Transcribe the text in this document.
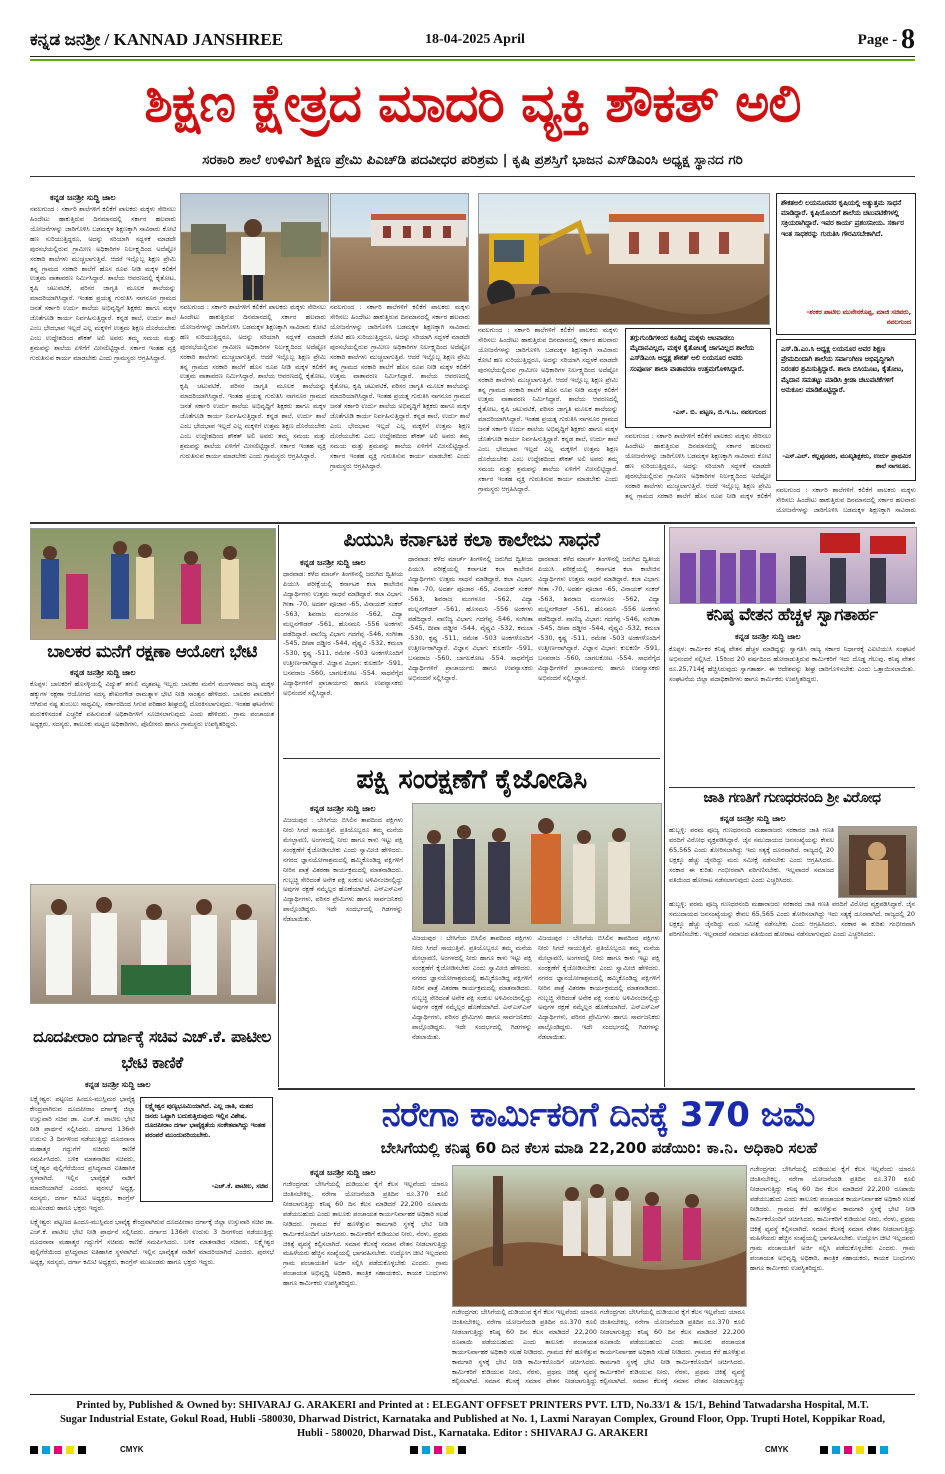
ಕನ್ನಡ ಜನಶ್ರೀ / KANNAD JANSHREE	18-04-2025 April	Page - 8
ಶಿಕ್ಷಣ ಕ್ಷೇತ್ರದ ಮಾದರಿ ವ್ಯಕ್ತಿ ಶೌಕತ್ ಅಲಿ
ಸರಕಾರಿ ಶಾಲೆ ಉಳಿವಿಗೆ ಶಿಕ್ಷಣ ಪ್ರೇಮಿ ಪಿಎಚ್‌ಡಿ ಪದವೀಧರ ಪರಿಶ್ರಮ | ಕೃಷಿ ಪ್ರಶಸ್ತಿಗೆ ಭಾಜನ ಎಸ್‌ಡಿಎಂಸಿ ಅಧ್ಯಕ್ಷ ಸ್ಥಾನದ ಗರಿ
ಕನ್ನಡ ಜನಶ್ರೀ ಸುದ್ದಿ ಜಾಲ
ನವಲಗುಂದ : ಸರ್ಕಾರಿ ಶಾಲೆಗಳಿಗೆ ಕಲಿಕೆಗೆ ಪಾಲಕರು ಮಕ್ಕಳು ಸೇರಿಸಲು ಹಿಂದೇಟು ಹಾಕುತ್ತಿರುವ ದಿನಮಾನದಲ್ಲಿ ಸರ್ಕಾರ ಹಲವಾರು ಯೋಜನೆಗಳನ್ನು ಜಾರಿಗೊಳಿಸಿ ಬಡಮಕ್ಕಳ ಶಿಕ್ಷಣಕ್ಕಾಗಿ ಸಾವಿರಾರು ಕೋಟಿ ಹಣ ಸುರಿಯುತ್ತಿದ್ದರೂ, ಅದನ್ನು ಸರಿಯಾಗಿ ಸದ್ಬಳಕೆ ಮಾಡದೇ ಪುರಸಭೆಯಲ್ಲಿರುವ ಗ್ರಾಮೀಣ ಅಧಿಕಾರಿಗಳ ನಿರ್ಲಕ್ಷ್ಯದಿಂದ ಅದೆಷ್ಟೋ ಸರಕಾರಿ ಶಾಲೆಗಳು ಮುಚ್ಚಲಾಗುತ್ತಿವೆ. ಆದರೆ ಇಲ್ಲೊಬ್ಬ ಶಿಕ್ಷಣ ಪ್ರೇಮಿ ತನ್ನ ಗ್ರಾಮದ ಸರಕಾರಿ ಶಾಲೆಗೆ ಹೊಸ ರೂಪ ನೀಡಿ ಮಕ್ಕಳ ಕಲಿಕೆಗೆ ಉತ್ತಮ ವಾತಾವರಣ ನಿರ್ಮಿಸಿದ್ದಾರೆ. ಶಾಲೆಯ ಆವರಣದಲ್ಲಿ ಕೈತೋಟ, ಕೃಷಿ ಚಟುವಟಿಕೆ, ಪರಿಸರ ಜಾಗೃತಿ ಮೂಲಕ ಶಾಲೆಯನ್ನು ಮಾದರಿಯಾಗಿಸಿದ್ದಾರೆ. ಇಂತಹ ಪ್ರಯತ್ನ ಗುರುತಿಸಿ ನಾಗನೂರ ಗ್ರಾಮದ ಜನತೆ ಸರ್ಕಾರಿ ಉರ್ದು ಶಾಲೆಯ ಅಭಿವೃದ್ಧಿಗೆ ಶಿಕ್ಷಕರು ಹಾಗೂ ಮಕ್ಕಳ ಜೊತೆಗೂಡಿ ಕಾರ್ಯ ನಿರ್ವಹಿಸುತ್ತಿದ್ದಾರೆ. ಕನ್ನಡ ಶಾಲೆ, ಉರ್ದು ಶಾಲೆ ಎಂಬ ಭೇದಭಾವ ಇಲ್ಲದೆ ಎಲ್ಲ ಮಕ್ಕಳಿಗೆ ಉತ್ತಮ ಶಿಕ್ಷಣ ದೊರೆಯಬೇಕು ಎಂಬ ಉದ್ದೇಶದಿಂದ ಶೌಕತ್ ಅಲಿ ಅವರು ತಮ್ಮ ಸಮಯ ಮತ್ತು ಶ್ರಮವನ್ನು ಶಾಲೆಯ ಏಳಿಗೆಗೆ ಮೀಸಲಿಟ್ಟಿದ್ದಾರೆ. ಸರ್ಕಾರ ಇಂತಹ ವ್ಯಕ್ತಿ ಗುರುತಿಸುವ ಕಾರ್ಯ ಮಾಡಬೇಕು ಎಂದು ಗ್ರಾಮಸ್ಥರು ಆಗ್ರಹಿಸಿದ್ದಾರೆ.
ನವಲಗುಂದ : ಸರ್ಕಾರಿ ಶಾಲೆಗಳಿಗೆ ಕಲಿಕೆಗೆ ಪಾಲಕರು ಮಕ್ಕಳು ಸೇರಿಸಲು ಹಿಂದೇಟು ಹಾಕುತ್ತಿರುವ ದಿನಮಾನದಲ್ಲಿ ಸರ್ಕಾರ ಹಲವಾರು ಯೋಜನೆಗಳನ್ನು ಜಾರಿಗೊಳಿಸಿ ಬಡಮಕ್ಕಳ ಶಿಕ್ಷಣಕ್ಕಾಗಿ ಸಾವಿರಾರು ಕೋಟಿ ಹಣ ಸುರಿಯುತ್ತಿದ್ದರೂ, ಅದನ್ನು ಸರಿಯಾಗಿ ಸದ್ಬಳಕೆ ಮಾಡದೇ ಪುರಸಭೆಯಲ್ಲಿರುವ ಗ್ರಾಮೀಣ ಅಧಿಕಾರಿಗಳ ನಿರ್ಲಕ್ಷ್ಯದಿಂದ ಅದೆಷ್ಟೋ ಸರಕಾರಿ ಶಾಲೆಗಳು ಮುಚ್ಚಲಾಗುತ್ತಿವೆ. ಆದರೆ ಇಲ್ಲೊಬ್ಬ ಶಿಕ್ಷಣ ಪ್ರೇಮಿ ತನ್ನ ಗ್ರಾಮದ ಸರಕಾರಿ ಶಾಲೆಗೆ ಹೊಸ ರೂಪ ನೀಡಿ ಮಕ್ಕಳ ಕಲಿಕೆಗೆ ಉತ್ತಮ ವಾತಾವರಣ ನಿರ್ಮಿಸಿದ್ದಾರೆ. ಶಾಲೆಯ ಆವರಣದಲ್ಲಿ ಕೈತೋಟ, ಕೃಷಿ ಚಟುವಟಿಕೆ, ಪರಿಸರ ಜಾಗೃತಿ ಮೂಲಕ ಶಾಲೆಯನ್ನು ಮಾದರಿಯಾಗಿಸಿದ್ದಾರೆ. ಇಂತಹ ಪ್ರಯತ್ನ ಗುರುತಿಸಿ ನಾಗನೂರ ಗ್ರಾಮದ ಜನತೆ ಸರ್ಕಾರಿ ಉರ್ದು ಶಾಲೆಯ ಅಭಿವೃದ್ಧಿಗೆ ಶಿಕ್ಷಕರು ಹಾಗೂ ಮಕ್ಕಳ ಜೊತೆಗೂಡಿ ಕಾರ್ಯ ನಿರ್ವಹಿಸುತ್ತಿದ್ದಾರೆ. ಕನ್ನಡ ಶಾಲೆ, ಉರ್ದು ಶಾಲೆ ಎಂಬ ಭೇದಭಾವ ಇಲ್ಲದೆ ಎಲ್ಲ ಮಕ್ಕಳಿಗೆ ಉತ್ತಮ ಶಿಕ್ಷಣ ದೊರೆಯಬೇಕು ಎಂಬ ಉದ್ದೇಶದಿಂದ ಶೌಕತ್ ಅಲಿ ಅವರು ತಮ್ಮ ಸಮಯ ಮತ್ತು ಶ್ರಮವನ್ನು ಶಾಲೆಯ ಏಳಿಗೆಗೆ ಮೀಸಲಿಟ್ಟಿದ್ದಾರೆ. ಸರ್ಕಾರ ಇಂತಹ ವ್ಯಕ್ತಿ ಗುರುತಿಸುವ ಕಾರ್ಯ ಮಾಡಬೇಕು ಎಂದು ಗ್ರಾಮಸ್ಥರು ಆಗ್ರಹಿಸಿದ್ದಾರೆ.
ನವಲಗುಂದ : ಸರ್ಕಾರಿ ಶಾಲೆಗಳಿಗೆ ಕಲಿಕೆಗೆ ಪಾಲಕರು ಮಕ್ಕಳು ಸೇರಿಸಲು ಹಿಂದೇಟು ಹಾಕುತ್ತಿರುವ ದಿನಮಾನದಲ್ಲಿ ಸರ್ಕಾರ ಹಲವಾರು ಯೋಜನೆಗಳನ್ನು ಜಾರಿಗೊಳಿಸಿ ಬಡಮಕ್ಕಳ ಶಿಕ್ಷಣಕ್ಕಾಗಿ ಸಾವಿರಾರು ಕೋಟಿ ಹಣ ಸುರಿಯುತ್ತಿದ್ದರೂ, ಅದನ್ನು ಸರಿಯಾಗಿ ಸದ್ಬಳಕೆ ಮಾಡದೇ ಪುರಸಭೆಯಲ್ಲಿರುವ ಗ್ರಾಮೀಣ ಅಧಿಕಾರಿಗಳ ನಿರ್ಲಕ್ಷ್ಯದಿಂದ ಅದೆಷ್ಟೋ ಸರಕಾರಿ ಶಾಲೆಗಳು ಮುಚ್ಚಲಾಗುತ್ತಿವೆ. ಆದರೆ ಇಲ್ಲೊಬ್ಬ ಶಿಕ್ಷಣ ಪ್ರೇಮಿ ತನ್ನ ಗ್ರಾಮದ ಸರಕಾರಿ ಶಾಲೆಗೆ ಹೊಸ ರೂಪ ನೀಡಿ ಮಕ್ಕಳ ಕಲಿಕೆಗೆ ಉತ್ತಮ ವಾತಾವರಣ ನಿರ್ಮಿಸಿದ್ದಾರೆ. ಶಾಲೆಯ ಆವರಣದಲ್ಲಿ ಕೈತೋಟ, ಕೃಷಿ ಚಟುವಟಿಕೆ, ಪರಿಸರ ಜಾಗೃತಿ ಮೂಲಕ ಶಾಲೆಯನ್ನು ಮಾದರಿಯಾಗಿಸಿದ್ದಾರೆ. ಇಂತಹ ಪ್ರಯತ್ನ ಗುರುತಿಸಿ ನಾಗನೂರ ಗ್ರಾಮದ ಜನತೆ ಸರ್ಕಾರಿ ಉರ್ದು ಶಾಲೆಯ ಅಭಿವೃದ್ಧಿಗೆ ಶಿಕ್ಷಕರು ಹಾಗೂ ಮಕ್ಕಳ ಜೊತೆಗೂಡಿ ಕಾರ್ಯ ನಿರ್ವಹಿಸುತ್ತಿದ್ದಾರೆ. ಕನ್ನಡ ಶಾಲೆ, ಉರ್ದು ಶಾಲೆ ಎಂಬ ಭೇದಭಾವ ಇಲ್ಲದೆ ಎಲ್ಲ ಮಕ್ಕಳಿಗೆ ಉತ್ತಮ ಶಿಕ್ಷಣ ದೊರೆಯಬೇಕು ಎಂಬ ಉದ್ದೇಶದಿಂದ ಶೌಕತ್ ಅಲಿ ಅವರು ತಮ್ಮ ಸಮಯ ಮತ್ತು ಶ್ರಮವನ್ನು ಶಾಲೆಯ ಏಳಿಗೆಗೆ ಮೀಸಲಿಟ್ಟಿದ್ದಾರೆ. ಸರ್ಕಾರ ಇಂತಹ ವ್ಯಕ್ತಿ ಗುರುತಿಸುವ ಕಾರ್ಯ ಮಾಡಬೇಕು ಎಂದು ಗ್ರಾಮಸ್ಥರು ಆಗ್ರಹಿಸಿದ್ದಾರೆ.
ನವಲಗುಂದ : ಸರ್ಕಾರಿ ಶಾಲೆಗಳಿಗೆ ಕಲಿಕೆಗೆ ಪಾಲಕರು ಮಕ್ಕಳು ಸೇರಿಸಲು ಹಿಂದೇಟು ಹಾಕುತ್ತಿರುವ ದಿನಮಾನದಲ್ಲಿ ಸರ್ಕಾರ ಹಲವಾರು ಯೋಜನೆಗಳನ್ನು ಜಾರಿಗೊಳಿಸಿ ಬಡಮಕ್ಕಳ ಶಿಕ್ಷಣಕ್ಕಾಗಿ ಸಾವಿರಾರು ಕೋಟಿ ಹಣ ಸುರಿಯುತ್ತಿದ್ದರೂ, ಅದನ್ನು ಸರಿಯಾಗಿ ಸದ್ಬಳಕೆ ಮಾಡದೇ ಪುರಸಭೆಯಲ್ಲಿರುವ ಗ್ರಾಮೀಣ ಅಧಿಕಾರಿಗಳ ನಿರ್ಲಕ್ಷ್ಯದಿಂದ ಅದೆಷ್ಟೋ ಸರಕಾರಿ ಶಾಲೆಗಳು ಮುಚ್ಚಲಾಗುತ್ತಿವೆ. ಆದರೆ ಇಲ್ಲೊಬ್ಬ ಶಿಕ್ಷಣ ಪ್ರೇಮಿ ತನ್ನ ಗ್ರಾಮದ ಸರಕಾರಿ ಶಾಲೆಗೆ ಹೊಸ ರೂಪ ನೀಡಿ ಮಕ್ಕಳ ಕಲಿಕೆಗೆ ಉತ್ತಮ ವಾತಾವರಣ ನಿರ್ಮಿಸಿದ್ದಾರೆ. ಶಾಲೆಯ ಆವರಣದಲ್ಲಿ ಕೈತೋಟ, ಕೃಷಿ ಚಟುವಟಿಕೆ, ಪರಿಸರ ಜಾಗೃತಿ ಮೂಲಕ ಶಾಲೆಯನ್ನು ಮಾದರಿಯಾಗಿಸಿದ್ದಾರೆ. ಇಂತಹ ಪ್ರಯತ್ನ ಗುರುತಿಸಿ ನಾಗನೂರ ಗ್ರಾಮದ ಜನತೆ ಸರ್ಕಾರಿ ಉರ್ದು ಶಾಲೆಯ ಅಭಿವೃದ್ಧಿಗೆ ಶಿಕ್ಷಕರು ಹಾಗೂ ಮಕ್ಕಳ ಜೊತೆಗೂಡಿ ಕಾರ್ಯ ನಿರ್ವಹಿಸುತ್ತಿದ್ದಾರೆ. ಕನ್ನಡ ಶಾಲೆ, ಉರ್ದು ಶಾಲೆ ಎಂಬ ಭೇದಭಾವ ಇಲ್ಲದೆ ಎಲ್ಲ ಮಕ್ಕಳಿಗೆ ಉತ್ತಮ ಶಿಕ್ಷಣ ದೊರೆಯಬೇಕು ಎಂಬ ಉದ್ದೇಶದಿಂದ ಶೌಕತ್ ಅಲಿ ಅವರು ತಮ್ಮ ಸಮಯ ಮತ್ತು ಶ್ರಮವನ್ನು ಶಾಲೆಯ ಏಳಿಗೆಗೆ ಮೀಸಲಿಟ್ಟಿದ್ದಾರೆ. ಸರ್ಕಾರ ಇಂತಹ ವ್ಯಕ್ತಿ ಗುರುತಿಸುವ ಕಾರ್ಯ ಮಾಡಬೇಕು ಎಂದು ಗ್ರಾಮಸ್ಥರು ಆಗ್ರಹಿಸಿದ್ದಾರೆ.
ತಗ್ಗುಗುಂಡಿಗಳಿಂದ ಕೂಡಿದ್ದ ಮಕ್ಕಳು ಆಟವಾಡಲು ಮೈದಾನವಿಲ್ಲದ, ಮಕ್ಕಳ ಕೈತೋಟಕ್ಕೆ ಜಾಗವಿಲ್ಲದ ಶಾಲೆಯ ಎಸ್‌ಡಿಎಂಸಿ ಅಧ್ಯಕ್ಷ ಶೌಕತ್ ಅಲಿ ಲಯನೂರ ಅವರು ಸಂಪೂರ್ಣ ಶಾಲಾ ವಾತಾವರಣ ಉತ್ತಮಗೊಳಿಸಿದ್ದಾರೆ.
-ಎಸ್. ಬಿ. ಪಟ್ಟಣ, ಬಿ.ಇ.ಒ. ನವಲಗುಂದ
ನವಲಗುಂದ : ಸರ್ಕಾರಿ ಶಾಲೆಗಳಿಗೆ ಕಲಿಕೆಗೆ ಪಾಲಕರು ಮಕ್ಕಳು ಸೇರಿಸಲು ಹಿಂದೇಟು ಹಾಕುತ್ತಿರುವ ದಿನಮಾನದಲ್ಲಿ ಸರ್ಕಾರ ಹಲವಾರು ಯೋಜನೆಗಳನ್ನು ಜಾರಿಗೊಳಿಸಿ ಬಡಮಕ್ಕಳ ಶಿಕ್ಷಣಕ್ಕಾಗಿ ಸಾವಿರಾರು ಕೋಟಿ ಹಣ ಸುರಿಯುತ್ತಿದ್ದರೂ, ಅದನ್ನು ಸರಿಯಾಗಿ ಸದ್ಬಳಕೆ ಮಾಡದೇ ಪುರಸಭೆಯಲ್ಲಿರುವ ಗ್ರಾಮೀಣ ಅಧಿಕಾರಿಗಳ ನಿರ್ಲಕ್ಷ್ಯದಿಂದ ಅದೆಷ್ಟೋ ಸರಕಾರಿ ಶಾಲೆಗಳು ಮುಚ್ಚಲಾಗುತ್ತಿವೆ. ಆದರೆ ಇಲ್ಲೊಬ್ಬ ಶಿಕ್ಷಣ ಪ್ರೇಮಿ ತನ್ನ ಗ್ರಾಮದ ಸರಕಾರಿ ಶಾಲೆಗೆ ಹೊಸ ರೂಪ ನೀಡಿ ಮಕ್ಕಳ ಕಲಿಕೆಗೆ
ಶೌಕತಅಲಿ ಲಯನೂರವರ ಕೃಷಿಯಲ್ಲಿ ಅತ್ಯುತ್ತಮ ಸಾಧನೆ ಮಾಡಿದ್ದಾರೆ. ಕೃಷಿಯೊಂದಿಗೆ ಶಾಲೆಯ ಚಟುವಟಿಕೆಗಳಲ್ಲಿ ಸಕ್ರಿಯರಾಗಿದ್ದಾರೆ. ಇವರ ಕಾರ್ಯ ಪ್ರಶಂಸನೀಯ. ಸರ್ಕಾರ ಇಂತ ಸಾಧಕರನ್ನು ಗುರುತಿಸಿ ಗೌರವಿಸಬೇಕಾಗಿದೆ.
-ಶಂಕರ ಪಾಟೀಲ ಮುನೇನಕೊಪ್ಪ, ಮಾಜಿ ಸಚಿವರು, ನವಲಗುಂದ
ಎಸ್.ಡಿ.ಎಂ.ಸಿ ಅಧ್ಯಕ್ಷ ಲಯನೂರ ಅವರ ಶಿಕ್ಷಣ ಪ್ರೇಮದಿಂದಾಗಿ ಶಾಲೆಯ ಸರ್ವಾಂಗೀಣ ಅಭಿವೃದ್ಧಿಗಾಗಿ ನಿರಂತರ ಶ್ರಮಿಸುತ್ತಿದ್ದಾರೆ. ಶಾಲಾ ಬಿಸಿಯೂಟ, ಕೈತೋಟ, ಮೈದಾನ ಸಮತಟ್ಟು ಮಾಡಿಸಿ ಕ್ರೀಡಾ ಚಟುವಟಿಕೆಗಳಿಗೆ ಅನುಕೂಲ ಮಾಡಿಕೊಟ್ಟಿದ್ದಾರೆ.
-ಎಸ್.ಎಲ್. ಕಲ್ಲಪ್ಪನವರ, ಮುಖ್ಯಶಿಕ್ಷಕರು, ಉರ್ದು ಪ್ರಾಥಮಿಕ ಶಾಲೆ ನಾಗನೂರ.
ನವಲಗುಂದ : ಸರ್ಕಾರಿ ಶಾಲೆಗಳಿಗೆ ಕಲಿಕೆಗೆ ಪಾಲಕರು ಮಕ್ಕಳು ಸೇರಿಸಲು ಹಿಂದೇಟು ಹಾಕುತ್ತಿರುವ ದಿನಮಾನದಲ್ಲಿ ಸರ್ಕಾರ ಹಲವಾರು ಯೋಜನೆಗಳನ್ನು ಜಾರಿಗೊಳಿಸಿ ಬಡಮಕ್ಕಳ ಶಿಕ್ಷಣಕ್ಕಾಗಿ ಸಾವಿರಾರು
ಬಾಲಕರ ಮನೆಗೆ ರಕ್ಷಣಾ ಆಯೋಗ ಭೇಟಿ
ಕನ್ನಡ ಜನಶ್ರೀ ಸುದ್ದಿ ಜಾಲ
ಕೊಪ್ಪಳ: ಬಾಲಕರಿಗೆ ಹೊಸಳ್ಳಿಯಲ್ಲಿ ವಿದ್ಯುತ್ ತಗುಲಿ ಮೃತಪಟ್ಟ ಇಬ್ಬರು ಬಾಲಕರ ಮನೆಗೆ ಮಂಗಳವಾರ ರಾಜ್ಯ ಮಕ್ಕಳ ಹಕ್ಕುಗಳ ರಕ್ಷಣಾ ಆಯೋಗದ ಸದಸ್ಯ ಶೇಖರಗೌಡ ರಾಮತ್ನಾಳ ಭೇಟಿ ನೀಡಿ ಸಾಂತ್ವನ ಹೇಳಿದರು. ಬಾಲಕರ ಪಾಲಕರಿಗೆ ಆಗಿರುವ ನಷ್ಟ ತುಂಬಲು ಸಾಧ್ಯವಿಲ್ಲ. ಸರ್ಕಾರದಿಂದ ಸಿಗುವ ಪರಿಹಾರ ಶೀಘ್ರದಲ್ಲಿ ದೊರಕಿಸಲಾಗುವುದು. ಇಂತಹ ಘಟನೆಗಳು ಮರುಕಳಿಸದಂತೆ ಎಚ್ಚರಿಕೆ ವಹಿಸುವಂತೆ ಅಧಿಕಾರಿಗಳಿಗೆ ಸೂಚಿಸಲಾಗುವುದು ಎಂದು ಹೇಳಿದರು. ಗ್ರಾಮ ಪಂಚಾಯತ ಅಧ್ಯಕ್ಷರು, ಸದಸ್ಯರು, ತಾಲೂಕು ಮಟ್ಟದ ಅಧಿಕಾರಿಗಳು, ಪೊಲೀಸರು ಹಾಗೂ ಗ್ರಾಮಸ್ಥರು ಉಪಸ್ಥಿತರಿದ್ದರು.
ದೂದಪೀರಾಂ ದರ್ಗಾಕ್ಕೆ ಸಚಿವ ಎಚ್.ಕೆ. ಪಾಟೀಲ ಭೇಟಿ ಕಾಣಿಕೆ
ಕನ್ನಡ ಜನಶ್ರೀ ಸುದ್ದಿ ಜಾಲ
ಲಕ್ಷ್ಮೇಶ್ವರ: ಪಟ್ಟಣದ ಹಿಂದೂ-ಮುಸ್ಲಿಮರ ಭಾವೈಕ್ಯ ಕೇಂದ್ರವಾಗಿರುವ ದೂದಪೀರಾಂ ದರ್ಗಾಕ್ಕೆ ಜಿಲ್ಲಾ ಉಸ್ತುವಾರಿ ಸಚಿವ ಡಾ. ಎಚ್.ಕೆ. ಪಾಟೀಲ ಭೇಟಿ ನೀಡಿ ಪ್ರಾರ್ಥನೆ ಸಲ್ಲಿಸಿದರು. ದರ್ಗಾದ 136ನೇ ಉರುಸು 3 ದಿನಗಳಿಂದ ನಡೆಯುತ್ತಿದ್ದು ದೂದನಾನಾ ಮಹಾತ್ಮರ ಗದ್ದುಗೆಗೆ ಸಚಿವರು ಕಾಣಿಕೆ ಸಮರ್ಪಿಸಿದರು. ಬಳಿಕ ಮಾತನಾಡಿದ ಸಚಿವರು, ಲಕ್ಷ್ಮೇಶ್ವರ ಪುಲ್ಲಿಗೆರೆಯಿಂದ ಪ್ರಸಿದ್ಧವಾದ ಐತಿಹಾಸಿಕ ಸ್ಥಳವಾಗಿದೆ. ಇಲ್ಲಿನ ಭಾವೈಕ್ಯತೆ ನಾಡಿಗೆ ಮಾದರಿಯಾಗಿದೆ ಎಂದರು. ಪುರಸಭೆ ಅಧ್ಯಕ್ಷ, ಸದಸ್ಯರು, ದರ್ಗಾ ಕಮಿಟಿ ಅಧ್ಯಕ್ಷರು, ಕಾಂಗ್ರೆಸ್ ಮುಖಂಡರು ಹಾಗೂ ಭಕ್ತರು ಇದ್ದರು.
ಲಕ್ಷ್ಮೇಶ್ವರ ಪುಣ್ಯಭೂಮಿಯಾಗಿದೆ. ಎಲ್ಲ ಜಾತಿ, ಮತದ ಜನರು ಒಟ್ಟಾಗಿ ಬದುಕುತ್ತಿರುವುದು ಇಲ್ಲಿನ ವಿಶೇಷ. ದೂದಪೀರಾಂ ದರ್ಗಾ ಭಾವೈಕ್ಯತೆಯ ಸಂಕೇತವಾಗಿದ್ದು ಇಂತಹ ಪರಂಪರೆ ಮುಂದುವರಿಯಬೇಕು.
-ಎಚ್.ಕೆ. ಪಾಟೀಲ, ಸಚಿವ
ಲಕ್ಷ್ಮೇಶ್ವರ: ಪಟ್ಟಣದ ಹಿಂದೂ-ಮುಸ್ಲಿಮರ ಭಾವೈಕ್ಯ ಕೇಂದ್ರವಾಗಿರುವ ದೂದಪೀರಾಂ ದರ್ಗಾಕ್ಕೆ ಜಿಲ್ಲಾ ಉಸ್ತುವಾರಿ ಸಚಿವ ಡಾ. ಎಚ್.ಕೆ. ಪಾಟೀಲ ಭೇಟಿ ನೀಡಿ ಪ್ರಾರ್ಥನೆ ಸಲ್ಲಿಸಿದರು. ದರ್ಗಾದ 136ನೇ ಉರುಸು 3 ದಿನಗಳಿಂದ ನಡೆಯುತ್ತಿದ್ದು ದೂದನಾನಾ ಮಹಾತ್ಮರ ಗದ್ದುಗೆಗೆ ಸಚಿವರು ಕಾಣಿಕೆ ಸಮರ್ಪಿಸಿದರು. ಬಳಿಕ ಮಾತನಾಡಿದ ಸಚಿವರು, ಲಕ್ಷ್ಮೇಶ್ವರ ಪುಲ್ಲಿಗೆರೆಯಿಂದ ಪ್ರಸಿದ್ಧವಾದ ಐತಿಹಾಸಿಕ ಸ್ಥಳವಾಗಿದೆ. ಇಲ್ಲಿನ ಭಾವೈಕ್ಯತೆ ನಾಡಿಗೆ ಮಾದರಿಯಾಗಿದೆ ಎಂದರು. ಪುರಸಭೆ ಅಧ್ಯಕ್ಷ, ಸದಸ್ಯರು, ದರ್ಗಾ ಕಮಿಟಿ ಅಧ್ಯಕ್ಷರು, ಕಾಂಗ್ರೆಸ್ ಮುಖಂಡರು ಹಾಗೂ ಭಕ್ತರು ಇದ್ದರು.
ಪಿಯುಸಿ ಕರ್ನಾಟಕ ಕಲಾ ಕಾಲೇಜು ಸಾಧನೆ
ಕನ್ನಡ ಜನಶ್ರೀ ಸುದ್ದಿ ಜಾಲ
ಧಾರವಾಡ: ಕಳೆದ ಮಾರ್ಚ್ ತಿಂಗಳಿನಲ್ಲಿ ಜರುಗಿದ ದ್ವಿತೀಯ ಪಿಯುಸಿ ಪರೀಕ್ಷೆಯಲ್ಲಿ ಕರ್ನಾಟಕ ಕಲಾ ಕಾಲೇಜಿನ ವಿದ್ಯಾರ್ಥಿಗಳು ಉತ್ತಮ ಸಾಧನೆ ಮಾಡಿದ್ದಾರೆ. ಕಲಾ ವಿಭಾಗ: ಗೀತಾ -70, ಅದರ್ಶ ಪೂಜಾರ -65, ವಿನಾಯಕ್ ಸಂಕರ್ -563, ಶಿವರಾಜ ಮಂಗಳೂರ -562, ವಿದ್ಯಾ ಮಲ್ಲನಗೌಡರ್ -561, ಹೊಸಮನಿ -556 ಅಂಕಗಳು ಪಡೆದಿದ್ದಾರೆ. ವಾಣಿಜ್ಯ ವಿಭಾಗ: ಗದಗೆಪ್ಪ -546, ಸಂಗೀತಾ -545, ದೀಪಾ ದಡ್ಡೀರ -544, ವೈಷ್ಣವಿ -532, ಕಮಲಾ -530, ಕೃಷ್ಣ -511, ರಮೇಶ -503 ಅಂಕಗಳೊಂದಿಗೆ ಉತ್ತೀರ್ಣರಾಗಿದ್ದಾರೆ. ವಿಜ್ಞಾನ ವಿಭಾಗ: ಕುಲಕರ್ಣಿ -591, ಬಸವರಾಜ -560, ಬಾಗಲಕೋಟ -554. ಸಾಧನೆಗೈದ ವಿದ್ಯಾರ್ಥಿಗಳಿಗೆ ಪ್ರಾಚಾರ್ಯರು ಹಾಗೂ ಉಪನ್ಯಾಸಕರು ಅಭಿನಂದನೆ ಸಲ್ಲಿಸಿದ್ದಾರೆ.
ಧಾರವಾಡ: ಕಳೆದ ಮಾರ್ಚ್ ತಿಂಗಳಿನಲ್ಲಿ ಜರುಗಿದ ದ್ವಿತೀಯ ಪಿಯುಸಿ ಪರೀಕ್ಷೆಯಲ್ಲಿ ಕರ್ನಾಟಕ ಕಲಾ ಕಾಲೇಜಿನ ವಿದ್ಯಾರ್ಥಿಗಳು ಉತ್ತಮ ಸಾಧನೆ ಮಾಡಿದ್ದಾರೆ. ಕಲಾ ವಿಭಾಗ: ಗೀತಾ -70, ಅದರ್ಶ ಪೂಜಾರ -65, ವಿನಾಯಕ್ ಸಂಕರ್ -563, ಶಿವರಾಜ ಮಂಗಳೂರ -562, ವಿದ್ಯಾ ಮಲ್ಲನಗೌಡರ್ -561, ಹೊಸಮನಿ -556 ಅಂಕಗಳು ಪಡೆದಿದ್ದಾರೆ. ವಾಣಿಜ್ಯ ವಿಭಾಗ: ಗದಗೆಪ್ಪ -546, ಸಂಗೀತಾ -545, ದೀಪಾ ದಡ್ಡೀರ -544, ವೈಷ್ಣವಿ -532, ಕಮಲಾ -530, ಕೃಷ್ಣ -511, ರಮೇಶ -503 ಅಂಕಗಳೊಂದಿಗೆ ಉತ್ತೀರ್ಣರಾಗಿದ್ದಾರೆ. ವಿಜ್ಞಾನ ವಿಭಾಗ: ಕುಲಕರ್ಣಿ -591, ಬಸವರಾಜ -560, ಬಾಗಲಕೋಟ -554. ಸಾಧನೆಗೈದ ವಿದ್ಯಾರ್ಥಿಗಳಿಗೆ ಪ್ರಾಚಾರ್ಯರು ಹಾಗೂ ಉಪನ್ಯಾಸಕರು ಅಭಿನಂದನೆ ಸಲ್ಲಿಸಿದ್ದಾರೆ.
ಧಾರವಾಡ: ಕಳೆದ ಮಾರ್ಚ್ ತಿಂಗಳಿನಲ್ಲಿ ಜರುಗಿದ ದ್ವಿತೀಯ ಪಿಯುಸಿ ಪರೀಕ್ಷೆಯಲ್ಲಿ ಕರ್ನಾಟಕ ಕಲಾ ಕಾಲೇಜಿನ ವಿದ್ಯಾರ್ಥಿಗಳು ಉತ್ತಮ ಸಾಧನೆ ಮಾಡಿದ್ದಾರೆ. ಕಲಾ ವಿಭಾಗ: ಗೀತಾ -70, ಅದರ್ಶ ಪೂಜಾರ -65, ವಿನಾಯಕ್ ಸಂಕರ್ -563, ಶಿವರಾಜ ಮಂಗಳೂರ -562, ವಿದ್ಯಾ ಮಲ್ಲನಗೌಡರ್ -561, ಹೊಸಮನಿ -556 ಅಂಕಗಳು ಪಡೆದಿದ್ದಾರೆ. ವಾಣಿಜ್ಯ ವಿಭಾಗ: ಗದಗೆಪ್ಪ -546, ಸಂಗೀತಾ -545, ದೀಪಾ ದಡ್ಡೀರ -544, ವೈಷ್ಣವಿ -532, ಕಮಲಾ -530, ಕೃಷ್ಣ -511, ರಮೇಶ -503 ಅಂಕಗಳೊಂದಿಗೆ ಉತ್ತೀರ್ಣರಾಗಿದ್ದಾರೆ. ವಿಜ್ಞಾನ ವಿಭಾಗ: ಕುಲಕರ್ಣಿ -591, ಬಸವರಾಜ -560, ಬಾಗಲಕೋಟ -554. ಸಾಧನೆಗೈದ ವಿದ್ಯಾರ್ಥಿಗಳಿಗೆ ಪ್ರಾಚಾರ್ಯರು ಹಾಗೂ ಉಪನ್ಯಾಸಕರು ಅಭಿನಂದನೆ ಸಲ್ಲಿಸಿದ್ದಾರೆ.
ಪಕ್ಷಿ ಸಂರಕ್ಷಣೆಗೆ ಕೈಜೋಡಿಸಿ
ಕನ್ನಡ ಜನಶ್ರೀ ಸುದ್ದಿ ಜಾಲ
ವಿಜಯಪುರ : ಬೇಸಿಗೆಯ ಬಿಸಿಲಿನ ತಾಪದಿಂದ ಪಕ್ಷಿಗಳು ನೀರು ಸಿಗದೆ ಸಾಯುತ್ತಿವೆ. ಪ್ರತಿಯೊಬ್ಬರೂ ತಮ್ಮ ಮನೆಯ ಮೇಲ್ಛಾವಣಿ, ಅಂಗಳದಲ್ಲಿ ನೀರು ಹಾಗೂ ಕಾಳು ಇಟ್ಟು ಪಕ್ಷಿ ಸಂರಕ್ಷಣೆಗೆ ಕೈಜೋಡಿಸಬೇಕು ಎಂದು ಸ್ವಾಮೀಜಿ ಹೇಳಿದರು. ನಗರದ ಜ್ಞಾನಯೋಗಾಶ್ರಮದಲ್ಲಿ ಹಮ್ಮಿಕೊಂಡಿದ್ದ ಪಕ್ಷಿಗಳಿಗೆ ನೀರಿನ ಪಾತ್ರೆ ವಿತರಣಾ ಕಾರ್ಯಕ್ರಮದಲ್ಲಿ ಮಾತನಾಡಿದರು. ಗುಬ್ಬಚ್ಚಿ ಸೇರಿದಂತೆ ಅನೇಕ ಪಕ್ಷಿ ಸಂಕುಲ ಅಳಿವಿನಂಚಿನಲ್ಲಿದ್ದು ಅವುಗಳ ರಕ್ಷಣೆ ನಮ್ಮೆಲ್ಲರ ಹೊಣೆಯಾಗಿದೆ. ಎನ್‌ಎಸ್‌ಎಸ್ ವಿದ್ಯಾರ್ಥಿಗಳು, ಪರಿಸರ ಪ್ರೇಮಿಗಳು ಹಾಗೂ ಸಾರ್ವಜನಿಕರು ಪಾಲ್ಗೊಂಡಿದ್ದರು. ಇದೇ ಸಂದರ್ಭದಲ್ಲಿ ಗಿಡಗಳನ್ನು ನೆಡಲಾಯಿತು.
ವಿಜಯಪುರ : ಬೇಸಿಗೆಯ ಬಿಸಿಲಿನ ತಾಪದಿಂದ ಪಕ್ಷಿಗಳು ನೀರು ಸಿಗದೆ ಸಾಯುತ್ತಿವೆ. ಪ್ರತಿಯೊಬ್ಬರೂ ತಮ್ಮ ಮನೆಯ ಮೇಲ್ಛಾವಣಿ, ಅಂಗಳದಲ್ಲಿ ನೀರು ಹಾಗೂ ಕಾಳು ಇಟ್ಟು ಪಕ್ಷಿ ಸಂರಕ್ಷಣೆಗೆ ಕೈಜೋಡಿಸಬೇಕು ಎಂದು ಸ್ವಾಮೀಜಿ ಹೇಳಿದರು. ನಗರದ ಜ್ಞಾನಯೋಗಾಶ್ರಮದಲ್ಲಿ ಹಮ್ಮಿಕೊಂಡಿದ್ದ ಪಕ್ಷಿಗಳಿಗೆ ನೀರಿನ ಪಾತ್ರೆ ವಿತರಣಾ ಕಾರ್ಯಕ್ರಮದಲ್ಲಿ ಮಾತನಾಡಿದರು. ಗುಬ್ಬಚ್ಚಿ ಸೇರಿದಂತೆ ಅನೇಕ ಪಕ್ಷಿ ಸಂಕುಲ ಅಳಿವಿನಂಚಿನಲ್ಲಿದ್ದು ಅವುಗಳ ರಕ್ಷಣೆ ನಮ್ಮೆಲ್ಲರ ಹೊಣೆಯಾಗಿದೆ. ಎನ್‌ಎಸ್‌ಎಸ್ ವಿದ್ಯಾರ್ಥಿಗಳು, ಪರಿಸರ ಪ್ರೇಮಿಗಳು ಹಾಗೂ ಸಾರ್ವಜನಿಕರು ಪಾಲ್ಗೊಂಡಿದ್ದರು. ಇದೇ ಸಂದರ್ಭದಲ್ಲಿ ಗಿಡಗಳನ್ನು ನೆಡಲಾಯಿತು.
ವಿಜಯಪುರ : ಬೇಸಿಗೆಯ ಬಿಸಿಲಿನ ತಾಪದಿಂದ ಪಕ್ಷಿಗಳು ನೀರು ಸಿಗದೆ ಸಾಯುತ್ತಿವೆ. ಪ್ರತಿಯೊಬ್ಬರೂ ತಮ್ಮ ಮನೆಯ ಮೇಲ್ಛಾವಣಿ, ಅಂಗಳದಲ್ಲಿ ನೀರು ಹಾಗೂ ಕಾಳು ಇಟ್ಟು ಪಕ್ಷಿ ಸಂರಕ್ಷಣೆಗೆ ಕೈಜೋಡಿಸಬೇಕು ಎಂದು ಸ್ವಾಮೀಜಿ ಹೇಳಿದರು. ನಗರದ ಜ್ಞಾನಯೋಗಾಶ್ರಮದಲ್ಲಿ ಹಮ್ಮಿಕೊಂಡಿದ್ದ ಪಕ್ಷಿಗಳಿಗೆ ನೀರಿನ ಪಾತ್ರೆ ವಿತರಣಾ ಕಾರ್ಯಕ್ರಮದಲ್ಲಿ ಮಾತನಾಡಿದರು. ಗುಬ್ಬಚ್ಚಿ ಸೇರಿದಂತೆ ಅನೇಕ ಪಕ್ಷಿ ಸಂಕುಲ ಅಳಿವಿನಂಚಿನಲ್ಲಿದ್ದು ಅವುಗಳ ರಕ್ಷಣೆ ನಮ್ಮೆಲ್ಲರ ಹೊಣೆಯಾಗಿದೆ. ಎನ್‌ಎಸ್‌ಎಸ್ ವಿದ್ಯಾರ್ಥಿಗಳು, ಪರಿಸರ ಪ್ರೇಮಿಗಳು ಹಾಗೂ ಸಾರ್ವಜನಿಕರು ಪಾಲ್ಗೊಂಡಿದ್ದರು. ಇದೇ ಸಂದರ್ಭದಲ್ಲಿ ಗಿಡಗಳನ್ನು ನೆಡಲಾಯಿತು.
ಕನಿಷ್ಠ ವೇತನ ಹೆಚ್ಚಳ ಸ್ವಾಗತಾರ್ಹ
ಕನ್ನಡ ಜನಶ್ರೀ ಸುದ್ದಿ ಜಾಲ
ಕೊಪ್ಪಳ: ಕಾರ್ಮಿಕರ ಕನಿಷ್ಠ ವೇತನ ಹೆಚ್ಚಳ ಮಾಡಿದ್ದನ್ನು ಸ್ವಾಗತಿಸಿ ರಾಜ್ಯ ಸರ್ಕಾರ ನಿರ್ಧಾರಕ್ಕೆ ಎಐಟಿಯುಸಿ ಸಂಘಟನೆ ಅಭಿನಂದನೆ ಸಲ್ಲಿಸಿದೆ. 15ರಿಂದ 20 ವರ್ಷದಿಂದ ಹೋರಾಡುತ್ತಿರುವ ಕಾರ್ಮಿಕರಿಗೆ ಇದು ದೊಡ್ಡ ಗೆಲುವು. ಕನಿಷ್ಠ ವೇತನ ರೂ.25,714ಕ್ಕೆ ಹೆಚ್ಚಿಸಿರುವುದು ಸ್ವಾಗತಾರ್ಹ. ಈ ಆದೇಶವನ್ನು ಶೀಘ್ರ ಜಾರಿಗೊಳಿಸಬೇಕು ಎಂದು ಒತ್ತಾಯಿಸಲಾಯಿತು. ಸಂಘಟನೆಯ ಜಿಲ್ಲಾ ಪದಾಧಿಕಾರಿಗಳು ಹಾಗೂ ಕಾರ್ಮಿಕರು ಉಪಸ್ಥಿತರಿದ್ದರು.
ಜಾತಿ ಗಣತಿಗೆ ಗುಣಧರನಂದಿ ಶ್ರೀ ವಿರೋಧ
ಕನ್ನಡ ಜನಶ್ರೀ ಸುದ್ದಿ ಜಾಲ
ಹುಬ್ಬಳ್ಳಿ: ಪರಮ ಪೂಜ್ಯ ಗುಣಧರನಂದಿ ಮಹಾರಾಜರು ಸರಕಾರದ ಜಾತಿ ಗಣತಿ ವರದಿಗೆ ವಿರೋಧ ವ್ಯಕ್ತಪಡಿಸಿದ್ದಾರೆ. ಜೈನ ಸಮುದಾಯದ ಜನಸಂಖ್ಯೆಯನ್ನು ಕೇವಲ 65,565 ಎಂದು ತೋರಿಸಲಾಗಿದ್ದು ಇದು ಸತ್ಯಕ್ಕೆ ದೂರವಾಗಿದೆ. ರಾಜ್ಯದಲ್ಲಿ 20 ಲಕ್ಷಕ್ಕೂ ಹೆಚ್ಚು ಜೈನರಿದ್ದು ಮರು ಸಮೀಕ್ಷೆ ನಡೆಸಬೇಕು ಎಂದು ಆಗ್ರಹಿಸಿದರು. ಸರಕಾರ ಈ ಕುರಿತು ಗಂಭೀರವಾಗಿ ಪರಿಗಣಿಸಬೇಕು. ಇಲ್ಲವಾದರೆ ಸಮಾಜದ ವತಿಯಿಂದ ಹೋರಾಟ ನಡೆಸಲಾಗುವುದು ಎಂದು ಎಚ್ಚರಿಸಿದರು.
ಹುಬ್ಬಳ್ಳಿ: ಪರಮ ಪೂಜ್ಯ ಗುಣಧರನಂದಿ ಮಹಾರಾಜರು ಸರಕಾರದ ಜಾತಿ ಗಣತಿ ವರದಿಗೆ ವಿರೋಧ ವ್ಯಕ್ತಪಡಿಸಿದ್ದಾರೆ. ಜೈನ ಸಮುದಾಯದ ಜನಸಂಖ್ಯೆಯನ್ನು ಕೇವಲ 65,565 ಎಂದು ತೋರಿಸಲಾಗಿದ್ದು ಇದು ಸತ್ಯಕ್ಕೆ ದೂರವಾಗಿದೆ. ರಾಜ್ಯದಲ್ಲಿ 20 ಲಕ್ಷಕ್ಕೂ ಹೆಚ್ಚು ಜೈನರಿದ್ದು ಮರು ಸಮೀಕ್ಷೆ ನಡೆಸಬೇಕು ಎಂದು ಆಗ್ರಹಿಸಿದರು. ಸರಕಾರ ಈ ಕುರಿತು ಗಂಭೀರವಾಗಿ ಪರಿಗಣಿಸಬೇಕು. ಇಲ್ಲವಾದರೆ ಸಮಾಜದ ವತಿಯಿಂದ ಹೋರಾಟ ನಡೆಸಲಾಗುವುದು ಎಂದು ಎಚ್ಚರಿಸಿದರು.
ನರೇಗಾ ಕಾರ್ಮಿಕರಿಗೆ ದಿನಕ್ಕೆ 370 ಜಮೆ
ಬೇಸಿಗೆಯಲ್ಲಿ ಕನಿಷ್ಠ 60 ದಿನ ಕೆಲಸ ಮಾಡಿ 22,200 ಪಡೆಯಿರಿ: ಕಾ.ನಿ. ಅಧಿಕಾರಿ ಸಲಹೆ
ಕನ್ನಡ ಜನಶ್ರೀ ಸುದ್ದಿ ಜಾಲ
ಗಜೇಂದ್ರಗಡ: ಬೇಸಿಗೆಯಲ್ಲಿ ದುಡಿಯುವ ಕೈಗೆ ಕೆಲಸ ಇಲ್ಲವೆಂದು ಯಾರೂ ಚಿಂತಿಸಬೇಕಿಲ್ಲ. ನರೇಗಾ ಯೋಜನೆಯಡಿ ಪ್ರತಿದಿನ ರೂ.370 ಕೂಲಿ ನೀಡಲಾಗುತ್ತಿದ್ದು ಕನಿಷ್ಠ 60 ದಿನ ಕೆಲಸ ಮಾಡಿದರೆ 22,200 ರೂಪಾಯಿ ಪಡೆಯಬಹುದು ಎಂದು ತಾಲೂಕು ಪಂಚಾಯತ ಕಾರ್ಯನಿರ್ವಾಹಕ ಅಧಿಕಾರಿ ಸಲಹೆ ನೀಡಿದರು. ಗ್ರಾಮದ ಕೆರೆ ಹೂಳೆತ್ತುವ ಕಾಮಗಾರಿ ಸ್ಥಳಕ್ಕೆ ಭೇಟಿ ನೀಡಿ ಕಾರ್ಮಿಕರೊಂದಿಗೆ ಚರ್ಚಿಸಿದರು. ಕಾರ್ಮಿಕರಿಗೆ ಕುಡಿಯುವ ನೀರು, ನೆರಳು, ಪ್ರಥಮ ಚಿಕಿತ್ಸೆ ವ್ಯವಸ್ಥೆ ಕಲ್ಪಿಸಲಾಗಿದೆ. ಸಮಾನ ಕೆಲಸಕ್ಕೆ ಸಮಾನ ವೇತನ ನೀಡಲಾಗುತ್ತಿದ್ದು ಮಹಿಳೆಯರು ಹೆಚ್ಚಿನ ಸಂಖ್ಯೆಯಲ್ಲಿ ಭಾಗವಹಿಸಬೇಕು. ಉದ್ಯೋಗ ಚೀಟಿ ಇಲ್ಲದವರು ಗ್ರಾಮ ಪಂಚಾಯತಿಗೆ ಅರ್ಜಿ ಸಲ್ಲಿಸಿ ಪಡೆದುಕೊಳ್ಳಬೇಕು ಎಂದರು. ಗ್ರಾಮ ಪಂಚಾಯತ ಅಭಿವೃದ್ಧಿ ಅಧಿಕಾರಿ, ತಾಂತ್ರಿಕ ಸಹಾಯಕರು, ಕಾಯಕ ಬಂಧುಗಳು ಹಾಗೂ ಕಾರ್ಮಿಕರು ಉಪಸ್ಥಿತರಿದ್ದರು.
ಗಜೇಂದ್ರಗಡ: ಬೇಸಿಗೆಯಲ್ಲಿ ದುಡಿಯುವ ಕೈಗೆ ಕೆಲಸ ಇಲ್ಲವೆಂದು ಯಾರೂ ಚಿಂತಿಸಬೇಕಿಲ್ಲ. ನರೇಗಾ ಯೋಜನೆಯಡಿ ಪ್ರತಿದಿನ ರೂ.370 ಕೂಲಿ ನೀಡಲಾಗುತ್ತಿದ್ದು ಕನಿಷ್ಠ 60 ದಿನ ಕೆಲಸ ಮಾಡಿದರೆ 22,200 ರೂಪಾಯಿ ಪಡೆಯಬಹುದು ಎಂದು ತಾಲೂಕು ಪಂಚಾಯತ ಕಾರ್ಯನಿರ್ವಾಹಕ ಅಧಿಕಾರಿ ಸಲಹೆ ನೀಡಿದರು. ಗ್ರಾಮದ ಕೆರೆ ಹೂಳೆತ್ತುವ ಕಾಮಗಾರಿ ಸ್ಥಳಕ್ಕೆ ಭೇಟಿ ನೀಡಿ ಕಾರ್ಮಿಕರೊಂದಿಗೆ ಚರ್ಚಿಸಿದರು. ಕಾರ್ಮಿಕರಿಗೆ ಕುಡಿಯುವ ನೀರು, ನೆರಳು, ಪ್ರಥಮ ಚಿಕಿತ್ಸೆ ವ್ಯವಸ್ಥೆ ಕಲ್ಪಿಸಲಾಗಿದೆ. ಸಮಾನ ಕೆಲಸಕ್ಕೆ ಸಮಾನ ವೇತನ ನೀಡಲಾಗುತ್ತಿದ್ದು
ಗಜೇಂದ್ರಗಡ: ಬೇಸಿಗೆಯಲ್ಲಿ ದುಡಿಯುವ ಕೈಗೆ ಕೆಲಸ ಇಲ್ಲವೆಂದು ಯಾರೂ ಚಿಂತಿಸಬೇಕಿಲ್ಲ. ನರೇಗಾ ಯೋಜನೆಯಡಿ ಪ್ರತಿದಿನ ರೂ.370 ಕೂಲಿ ನೀಡಲಾಗುತ್ತಿದ್ದು ಕನಿಷ್ಠ 60 ದಿನ ಕೆಲಸ ಮಾಡಿದರೆ 22,200 ರೂಪಾಯಿ ಪಡೆಯಬಹುದು ಎಂದು ತಾಲೂಕು ಪಂಚಾಯತ ಕಾರ್ಯನಿರ್ವಾಹಕ ಅಧಿಕಾರಿ ಸಲಹೆ ನೀಡಿದರು. ಗ್ರಾಮದ ಕೆರೆ ಹೂಳೆತ್ತುವ ಕಾಮಗಾರಿ ಸ್ಥಳಕ್ಕೆ ಭೇಟಿ ನೀಡಿ ಕಾರ್ಮಿಕರೊಂದಿಗೆ ಚರ್ಚಿಸಿದರು. ಕಾರ್ಮಿಕರಿಗೆ ಕುಡಿಯುವ ನೀರು, ನೆರಳು, ಪ್ರಥಮ ಚಿಕಿತ್ಸೆ ವ್ಯವಸ್ಥೆ ಕಲ್ಪಿಸಲಾಗಿದೆ. ಸಮಾನ ಕೆಲಸಕ್ಕೆ ಸಮಾನ ವೇತನ ನೀಡಲಾಗುತ್ತಿದ್ದು
ಗಜೇಂದ್ರಗಡ: ಬೇಸಿಗೆಯಲ್ಲಿ ದುಡಿಯುವ ಕೈಗೆ ಕೆಲಸ ಇಲ್ಲವೆಂದು ಯಾರೂ ಚಿಂತಿಸಬೇಕಿಲ್ಲ. ನರೇಗಾ ಯೋಜನೆಯಡಿ ಪ್ರತಿದಿನ ರೂ.370 ಕೂಲಿ ನೀಡಲಾಗುತ್ತಿದ್ದು ಕನಿಷ್ಠ 60 ದಿನ ಕೆಲಸ ಮಾಡಿದರೆ 22,200 ರೂಪಾಯಿ ಪಡೆಯಬಹುದು ಎಂದು ತಾಲೂಕು ಪಂಚಾಯತ ಕಾರ್ಯನಿರ್ವಾಹಕ ಅಧಿಕಾರಿ ಸಲಹೆ ನೀಡಿದರು. ಗ್ರಾಮದ ಕೆರೆ ಹೂಳೆತ್ತುವ ಕಾಮಗಾರಿ ಸ್ಥಳಕ್ಕೆ ಭೇಟಿ ನೀಡಿ ಕಾರ್ಮಿಕರೊಂದಿಗೆ ಚರ್ಚಿಸಿದರು. ಕಾರ್ಮಿಕರಿಗೆ ಕುಡಿಯುವ ನೀರು, ನೆರಳು, ಪ್ರಥಮ ಚಿಕಿತ್ಸೆ ವ್ಯವಸ್ಥೆ ಕಲ್ಪಿಸಲಾಗಿದೆ. ಸಮಾನ ಕೆಲಸಕ್ಕೆ ಸಮಾನ ವೇತನ ನೀಡಲಾಗುತ್ತಿದ್ದು ಮಹಿಳೆಯರು ಹೆಚ್ಚಿನ ಸಂಖ್ಯೆಯಲ್ಲಿ ಭಾಗವಹಿಸಬೇಕು. ಉದ್ಯೋಗ ಚೀಟಿ ಇಲ್ಲದವರು ಗ್ರಾಮ ಪಂಚಾಯತಿಗೆ ಅರ್ಜಿ ಸಲ್ಲಿಸಿ ಪಡೆದುಕೊಳ್ಳಬೇಕು ಎಂದರು. ಗ್ರಾಮ ಪಂಚಾಯತ ಅಭಿವೃದ್ಧಿ ಅಧಿಕಾರಿ, ತಾಂತ್ರಿಕ ಸಹಾಯಕರು, ಕಾಯಕ ಬಂಧುಗಳು ಹಾಗೂ ಕಾರ್ಮಿಕರು ಉಪಸ್ಥಿತರಿದ್ದರು.
Printed by, Published & Owned by: SHIVARAJ G. ARAKERI and Printed at : ELEGANT OFFSET PRINTERS PVT. LTD, No.33/1 & 15/1, Behind Tatwadarsha Hospital, M.T.
Sugar Industrial Estate, Gokul Road, Hubli -580030, Dharwad District, Karnataka and Published at No. 1, Laxmi Narayan Complex, Ground Floor, Opp. Trupti Hotel, Koppikar Road,
Hubli - 580020, Dharwad Dist., Karnataka. Editor : SHIVARAJ G. ARAKERI
CMYK	CMYK
